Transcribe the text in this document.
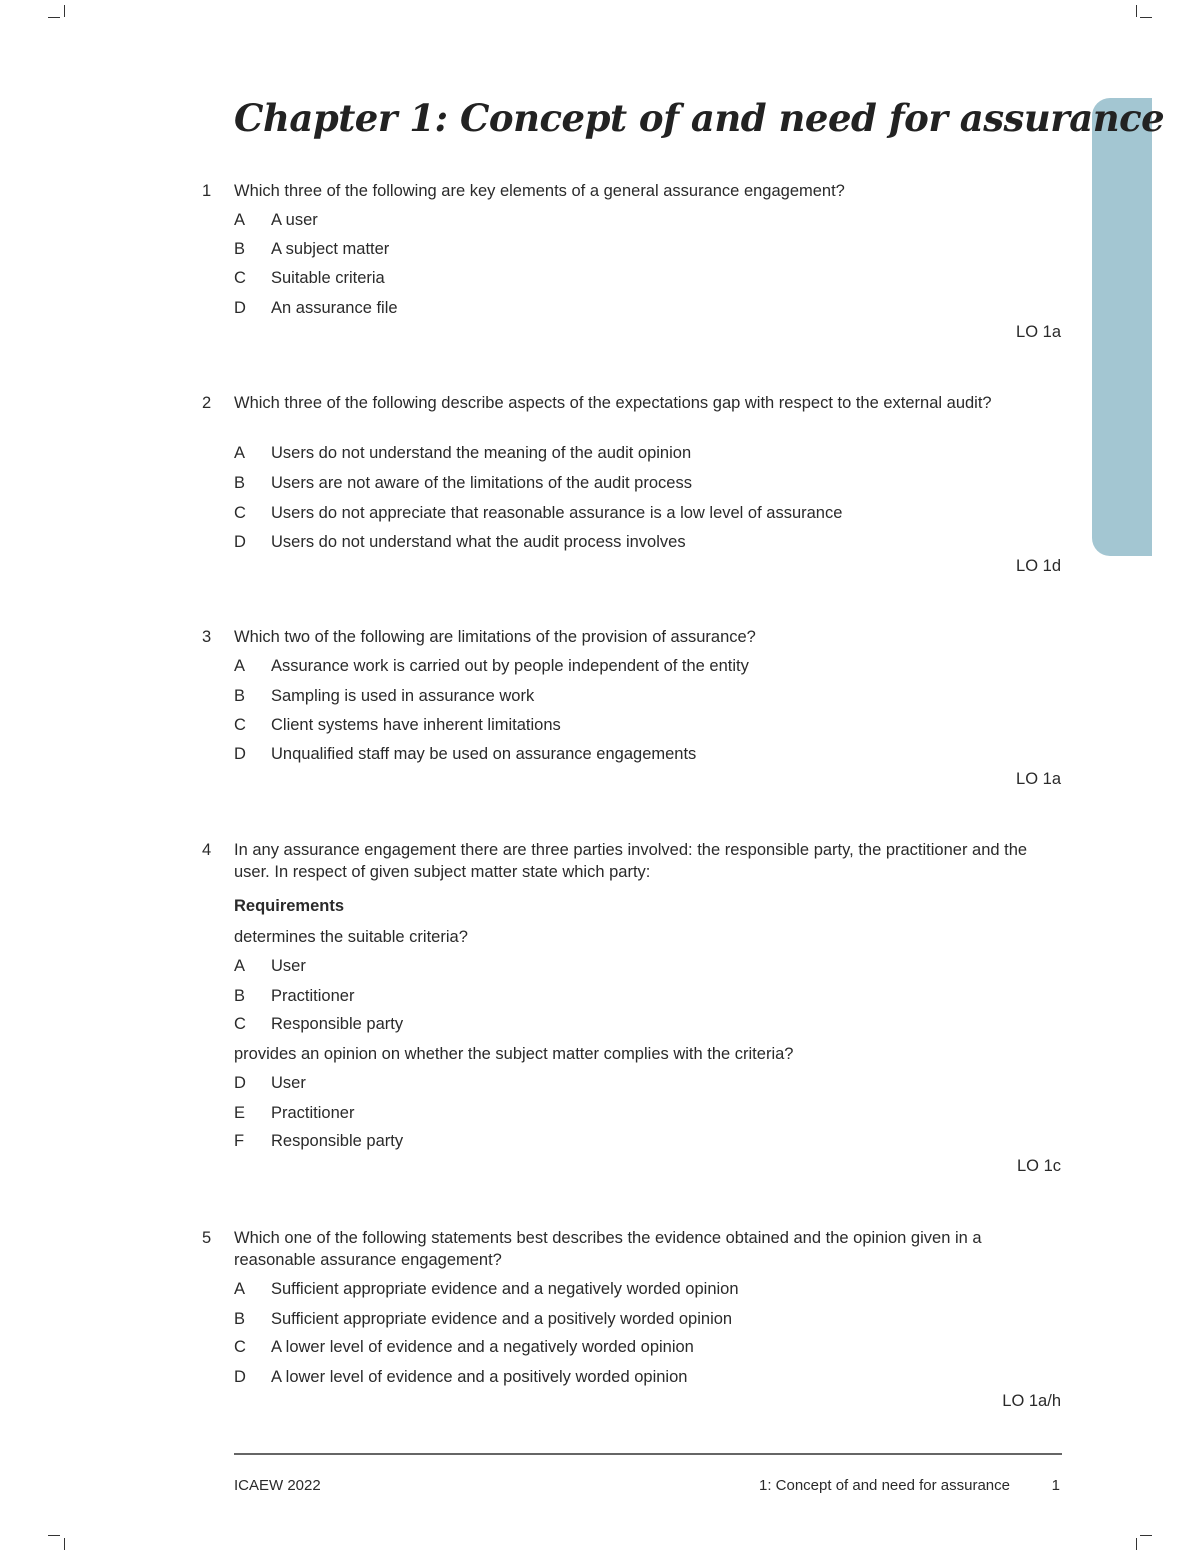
Chapter 1: Concept of and need for assurance
1 Which three of the following are key elements of a general assurance engagement?
A A user
B A subject matter
C Suitable criteria
D An assurance file
LO 1a
2 Which three of the following describe aspects of the expectations gap with respect to the external audit?
A Users do not understand the meaning of the audit opinion
B Users are not aware of the limitations of the audit process
C Users do not appreciate that reasonable assurance is a low level of assurance
D Users do not understand what the audit process involves
LO 1d
3 Which two of the following are limitations of the provision of assurance?
A Assurance work is carried out by people independent of the entity
B Sampling is used in assurance work
C Client systems have inherent limitations
D Unqualified staff may be used on assurance engagements
LO 1a
4 In any assurance engagement there are three parties involved: the responsible party, the practitioner and the user. In respect of given subject matter state which party:
Requirements
determines the suitable criteria?
A User
B Practitioner
C Responsible party
provides an opinion on whether the subject matter complies with the criteria?
D User
E Practitioner
F Responsible party
LO 1c
5 Which one of the following statements best describes the evidence obtained and the opinion given in a reasonable assurance engagement?
A Sufficient appropriate evidence and a negatively worded opinion
B Sufficient appropriate evidence and a positively worded opinion
C A lower level of evidence and a negatively worded opinion
D A lower level of evidence and a positively worded opinion
LO 1a/h
ICAEW 2022	1: Concept of and need for assurance	1
